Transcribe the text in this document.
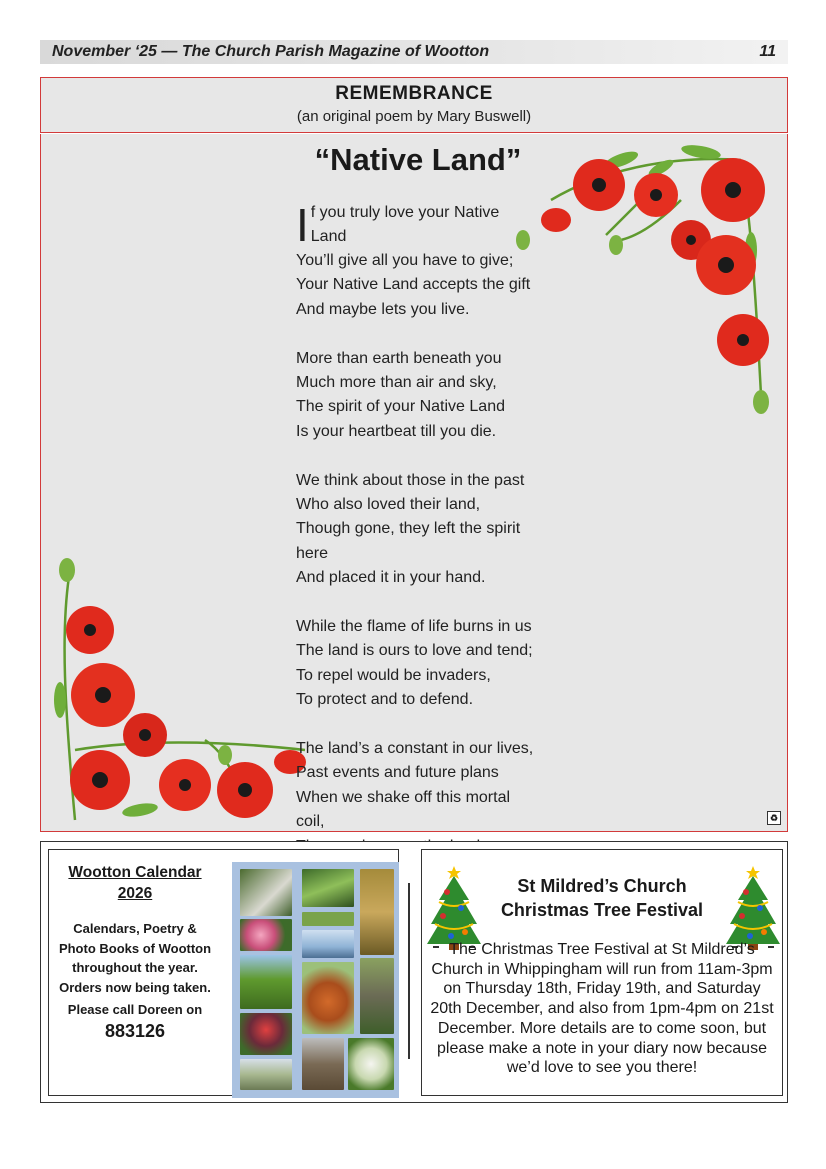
November ‘25 — The Church Parish Magazine of Wootton	11
REMEMBRANCE
(an original poem by Mary Buswell)
“Native Land”
I f you truly love your Native Land
You’ll give all you have to give;
Your Native Land accepts the gift
And maybe lets you live.
More than earth beneath you
Much more than air and sky,
The spirit of your Native Land
Is your heartbeat till you die.
We think about those in the past
Who also loved their land,
Though gone, they left the spirit here
And placed it in your hand.
While the flame of life burns in us
The land is ours to love and tend;
To repel would be invaders,
To protect and to defend.
The land’s a constant in our lives,
Past events and future plans
When we shake off this mortal coil,	♻
Wootton Calendar 2026
Calendars, Poetry & Photo Books of Wootton throughout the year. Orders now being taken.
Please call Doreen on
883126
St Mildred’s Church
Christmas Tree Festival
The Christmas Tree Festival at St Mildred’s Church in Whippingham will run from 11am-3pm on Thursday 18th, Friday 19th, and Saturday 20th December, and also from 1pm-4pm on 21st December. More details are to come soon, but please make a note in your diary now because we’d love to see you there!
